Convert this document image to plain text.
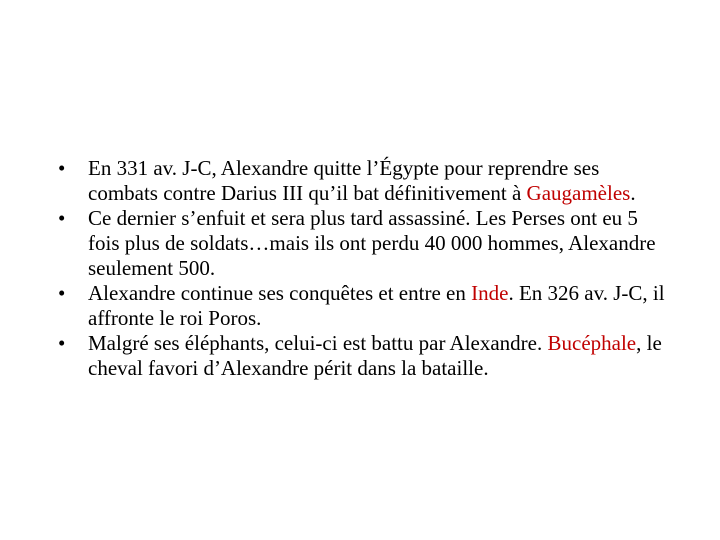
• En 331 av. J-C, Alexandre quitte l’Égypte pour reprendre ses combats contre Darius III qu’il bat définitivement à Gaugamèles.
• Ce dernier s’enfuit et sera plus tard assassiné. Les Perses ont eu 5 fois plus de soldats…mais ils ont perdu 40 000 hommes, Alexandre seulement 500.
• Alexandre continue ses conquêtes et entre en Inde. En 326 av. J-C, il affronte le roi Poros.
• Malgré ses éléphants, celui-ci est battu par Alexandre. Bucéphale, le cheval favori d’Alexandre périt dans la bataille.
